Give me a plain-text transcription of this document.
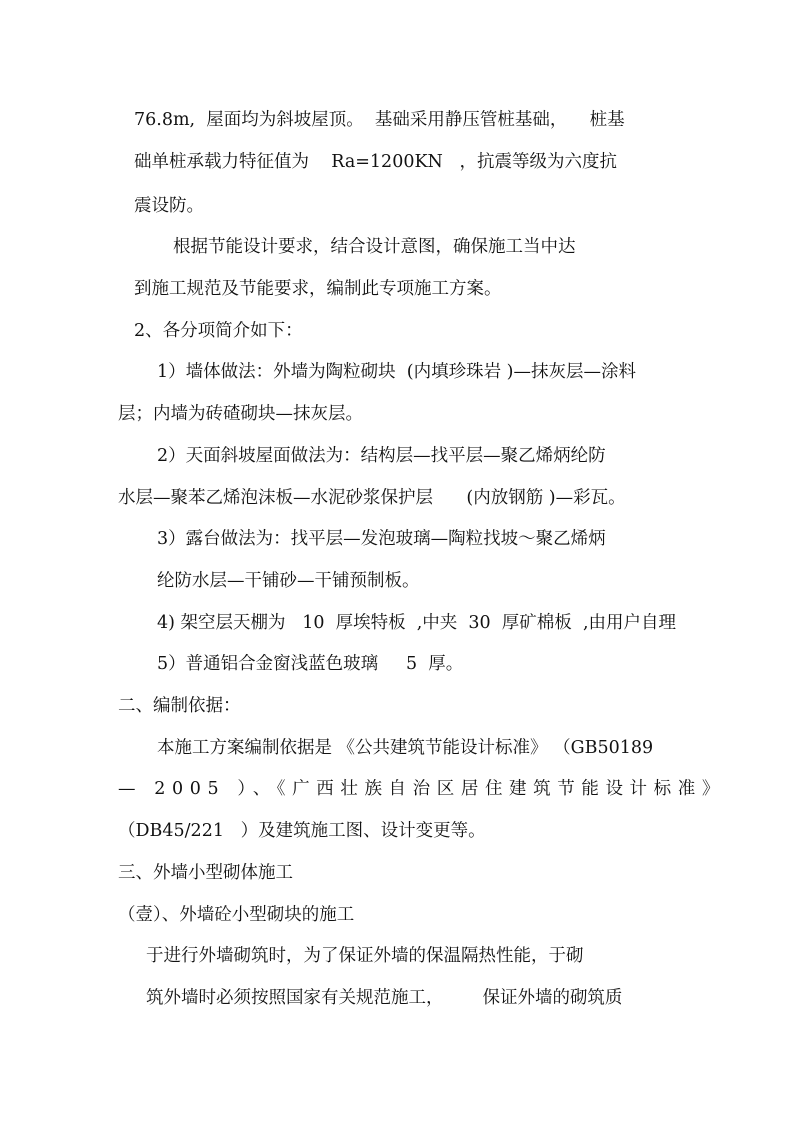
76.8m,  屋面均为斜坡屋顶。  基础采用静压管桩基础，    桩基
础单桩承载力特征值为    Ra=1200KN   ，抗震等级为六度抗
震设防。
根据节能设计要求，结合设计意图，确保施工当中达
到施工规范及节能要求，编制此专项施工方案。
2、各分项简介如下：
1）墙体做法：外墙为陶粒砌块  (内填珍珠岩 )—抹灰层—涂料
层；内墙为砖碴砌块—抹灰层。
2）天面斜坡屋面做法为：结构层—找平层—聚乙烯炳纶防
水层—聚苯乙烯泡沫板—水泥砂浆保护层      (内放钢筋 )—彩瓦。
3）露台做法为：找平层—发泡玻璃—陶粒找坡～聚乙烯炳
纶防水层—干铺砂—干铺预制板。
4) 架空层天棚为   10  厚埃特板  ,中夹  30  厚矿棉板  ,由用户自理
5）普通铝合金窗浅蓝色玻璃     5  厚。
二、编制依据：
本施工方案编制依据是 《公共建筑节能设计标准》 （GB50189
— 2005 ）、《广西壮族自治区居住建筑节能设计标准》
（DB45/221   ）及建筑施工图、设计变更等。
三、外墙小型砌体施工
（壹）、外墙砼小型砌块的施工
于进行外墙砌筑时，为了保证外墙的保温隔热性能，于砌
筑外墙时必须按照国家有关规范施工，       保证外墙的砌筑质
